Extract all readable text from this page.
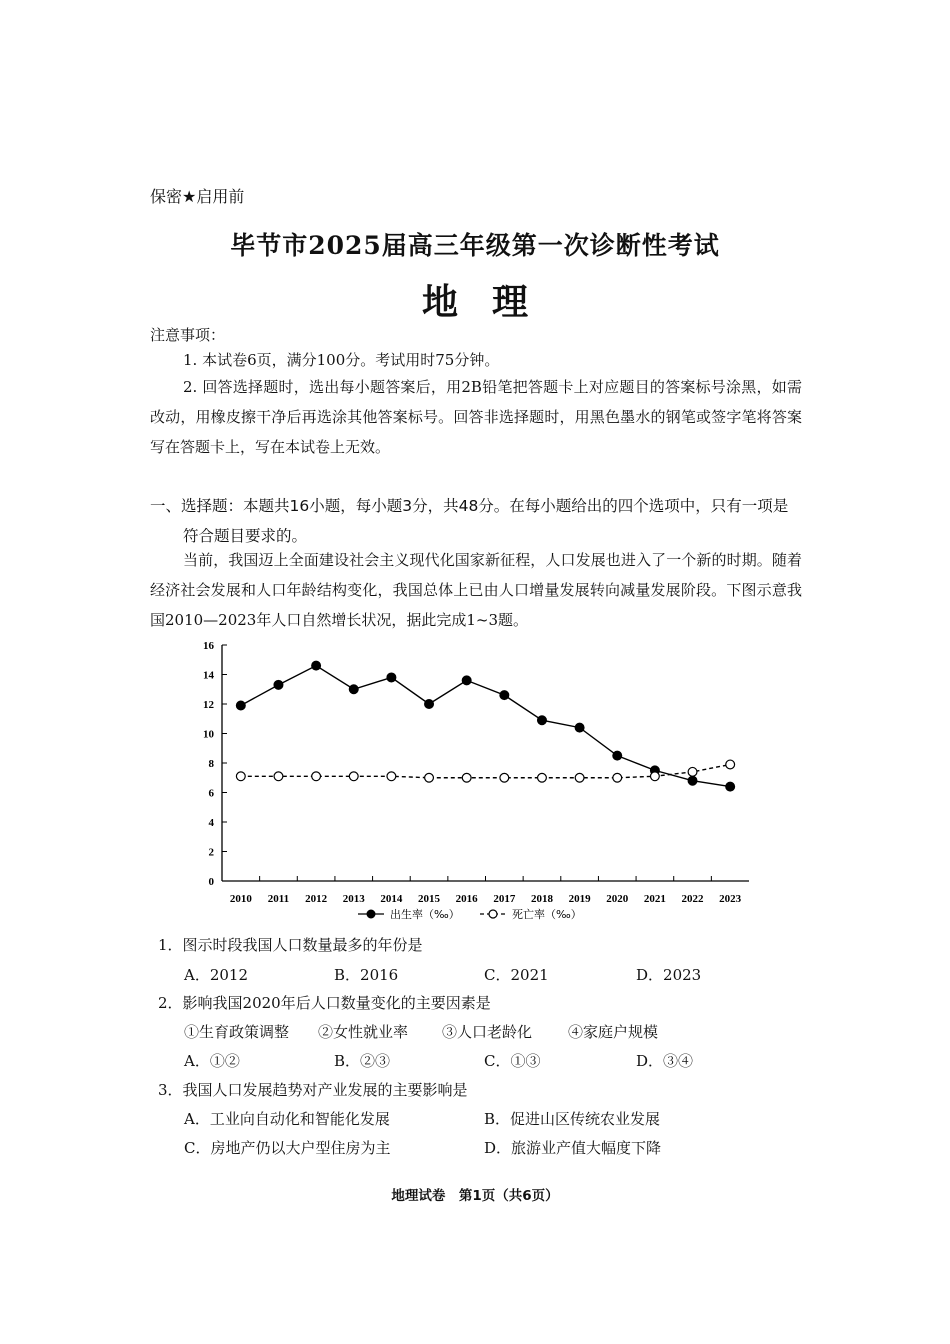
保密★启用前
毕节市2025届高三年级第一次诊断性考试
地理
注意事项：
1. 本试卷6页，满分100分。考试用时75分钟。
2. 回答选择题时，选出每小题答案后，用2B铅笔把答题卡上对应题目的答案标号涂黑，如需改动，用橡皮擦干净后再选涂其他答案标号。回答非选择题时，用黑色墨水的钢笔或签字笔将答案写在答题卡上，写在本试卷上无效。
一、选择题：本题共16小题，每小题3分，共48分。在每小题给出的四个选项中，只有一项是符合题目要求的。
当前，我国迈上全面建设社会主义现代化国家新征程，人口发展也进入了一个新的时期。随着经济社会发展和人口年龄结构变化，我国总体上已由人口增量发展转向减量发展阶段。下图示意我国2010—2023年人口自然增长状况，据此完成1~3题。
0
2
4
6
8
10
12
14
16
2010 2011 2012 2013 2014 2015 2016 2017 2018 2019 2020 2021 2022 2023
出生率（‰）	死亡率（‰）
1．图示时段我国人口数量最多的年份是
A．2012	B．2016	C．2021	D．2023
2．影响我国2020年后人口数量变化的主要因素是
①生育政策调整 ②女性就业率 ③人口老龄化 ④家庭户规模
A．①②	B．②③	C．①③	D．③④
3．我国人口发展趋势对产业发展的主要影响是
A．工业向自动化和智能化发展	B．促进山区传统农业发展
C．房地产仍以大户型住房为主	D．旅游业产值大幅度下降
地理试卷　第1页（共6页）
